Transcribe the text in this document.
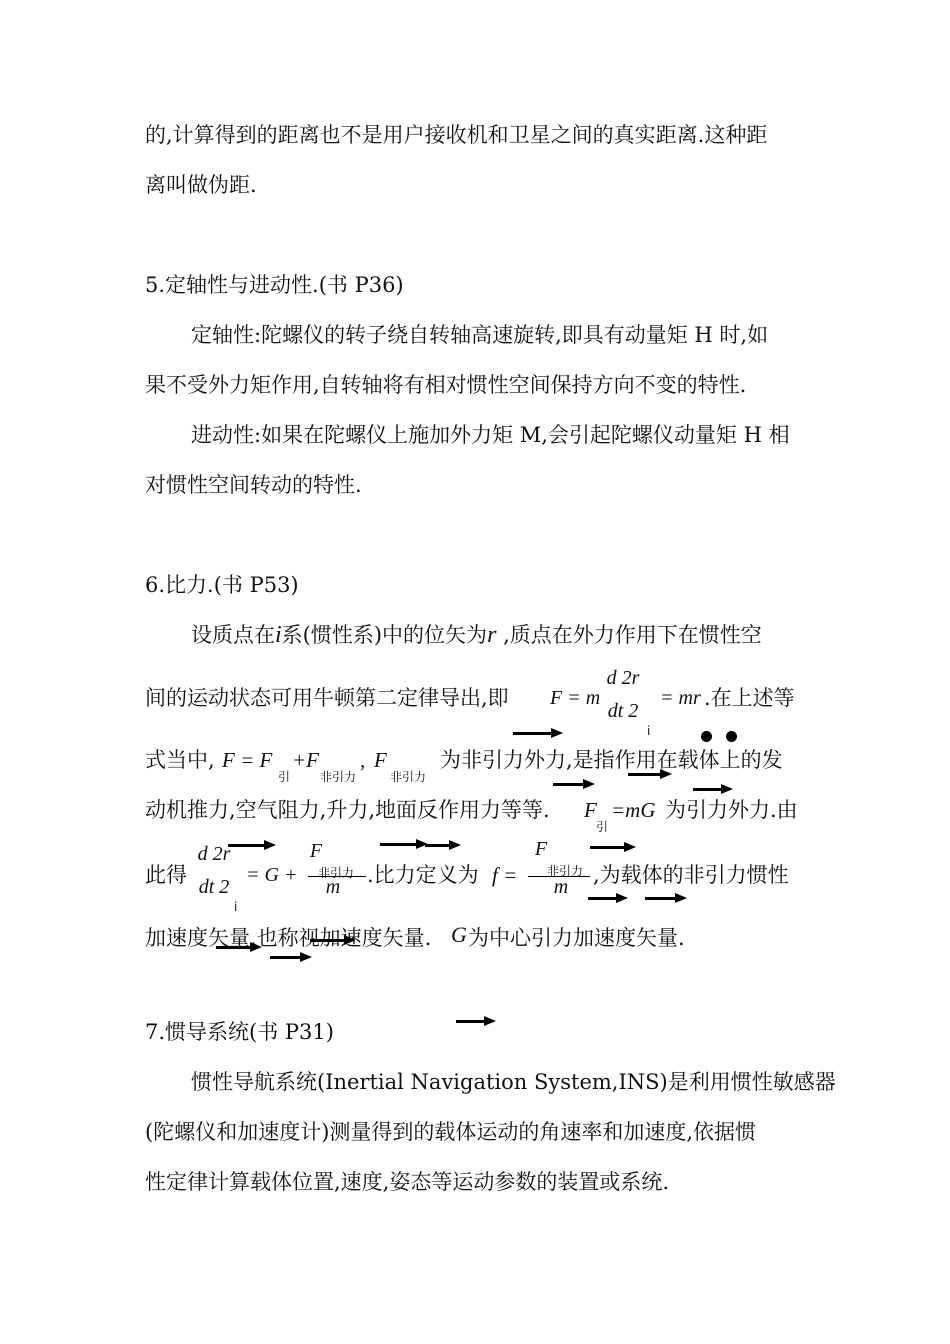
的,计算得到的距离也不是用户接收机和卫星之间的真实距离.这种距
离叫做伪距.
5.定轴性与进动性.(书 P36)
定轴性:陀螺仪的转子绕自转轴高速旋转,即具有动量矩 H 时,如
果不受外力矩作用,自转轴将有相对惯性空间保持方向不变的特性.
进动性:如果在陀螺仪上施加外力矩 M,会引起陀螺仪动量矩 H 相
对惯性空间转动的特性.
6.比力.(书 P53)
设质点在i系(惯性系)中的位矢为r ,质点在外力作用下在惯性空
间的运动状态可用牛顿第二定律导出,即 F = m
d 2r
dt 2
i
= mr .在上述等
式当中, F = F
引
+F
非引力
, F
非引力
为非引力外力,是指作用在载体上的发
动机推力,空气阻力,升力,地面反作用力等等. F
引
=mG 为引力外力.由
此得
d 2r
dt 2
i
= G +
F
非引力
m	.比力定义为 f =
F
非引力
m	,为载体的非引力惯性
加速度矢量,也称视加速度矢量. G 为中心引力加速度矢量.
7.惯导系统(书 P31)
惯性导航系统(Inertial Navigation System,INS)是利用惯性敏感器
(陀螺仪和加速度计)测量得到的载体运动的角速率和加速度,依据惯
性定律计算载体位置,速度,姿态等运动参数的装置或系统.
